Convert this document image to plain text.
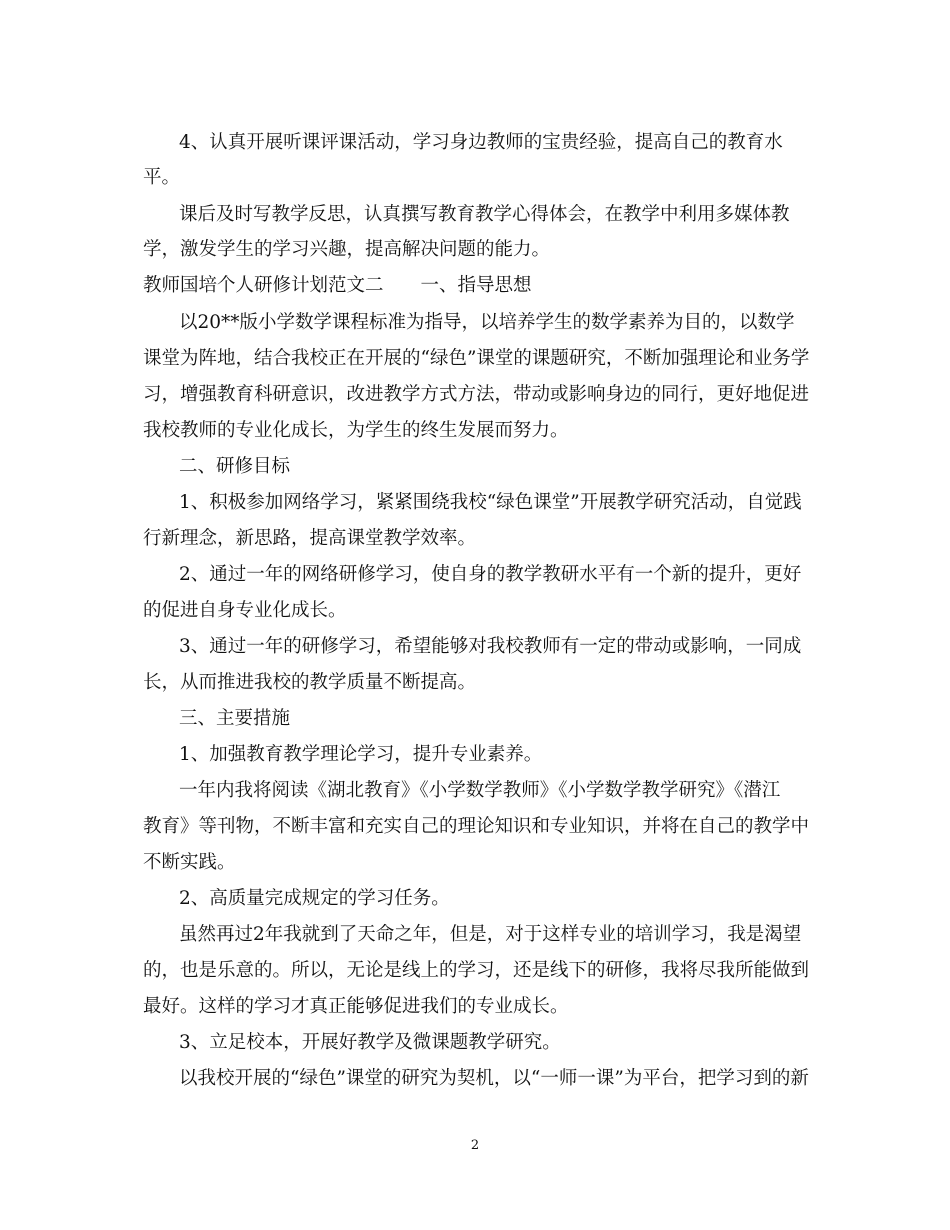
4、认真开展听课评课活动，学习身边教师的宝贵经验，提高自己的教育水
平。
课后及时写教学反思，认真撰写教育教学心得体会，在教学中利用多媒体教
学，激发学生的学习兴趣，提高解决问题的能力。
教师国培个人研修计划范文二　　一、指导思想
以20**版小学数学课程标准为指导，以培养学生的数学素养为目的，以数学
课堂为阵地，结合我校正在开展的“绿色”课堂的课题研究，不断加强理论和业务学
习，增强教育科研意识，改进教学方式方法，带动或影响身边的同行，更好地促进
我校教师的专业化成长，为学生的终生发展而努力。
二、研修目标
1、积极参加网络学习，紧紧围绕我校“绿色课堂”开展教学研究活动，自觉践
行新理念，新思路，提高课堂教学效率。
2、通过一年的网络研修学习，使自身的教学教研水平有一个新的提升，更好
的促进自身专业化成长。
3、通过一年的研修学习，希望能够对我校教师有一定的带动或影响，一同成
长，从而推进我校的教学质量不断提高。
三、主要措施
1、加强教育教学理论学习，提升专业素养。
一年内我将阅读《湖北教育》《小学数学教师》《小学数学教学研究》《潜江
教育》等刊物，不断丰富和充实自己的理论知识和专业知识，并将在自己的教学中
不断实践。
2、高质量完成规定的学习任务。
虽然再过2年我就到了天命之年，但是，对于这样专业的培训学习，我是渴望
的，也是乐意的。所以，无论是线上的学习，还是线下的研修，我将尽我所能做到
最好。这样的学习才真正能够促进我们的专业成长。
3、立足校本，开展好教学及微课题教学研究。
以我校开展的“绿色”课堂的研究为契机，以“一师一课”为平台，把学习到的新
2
